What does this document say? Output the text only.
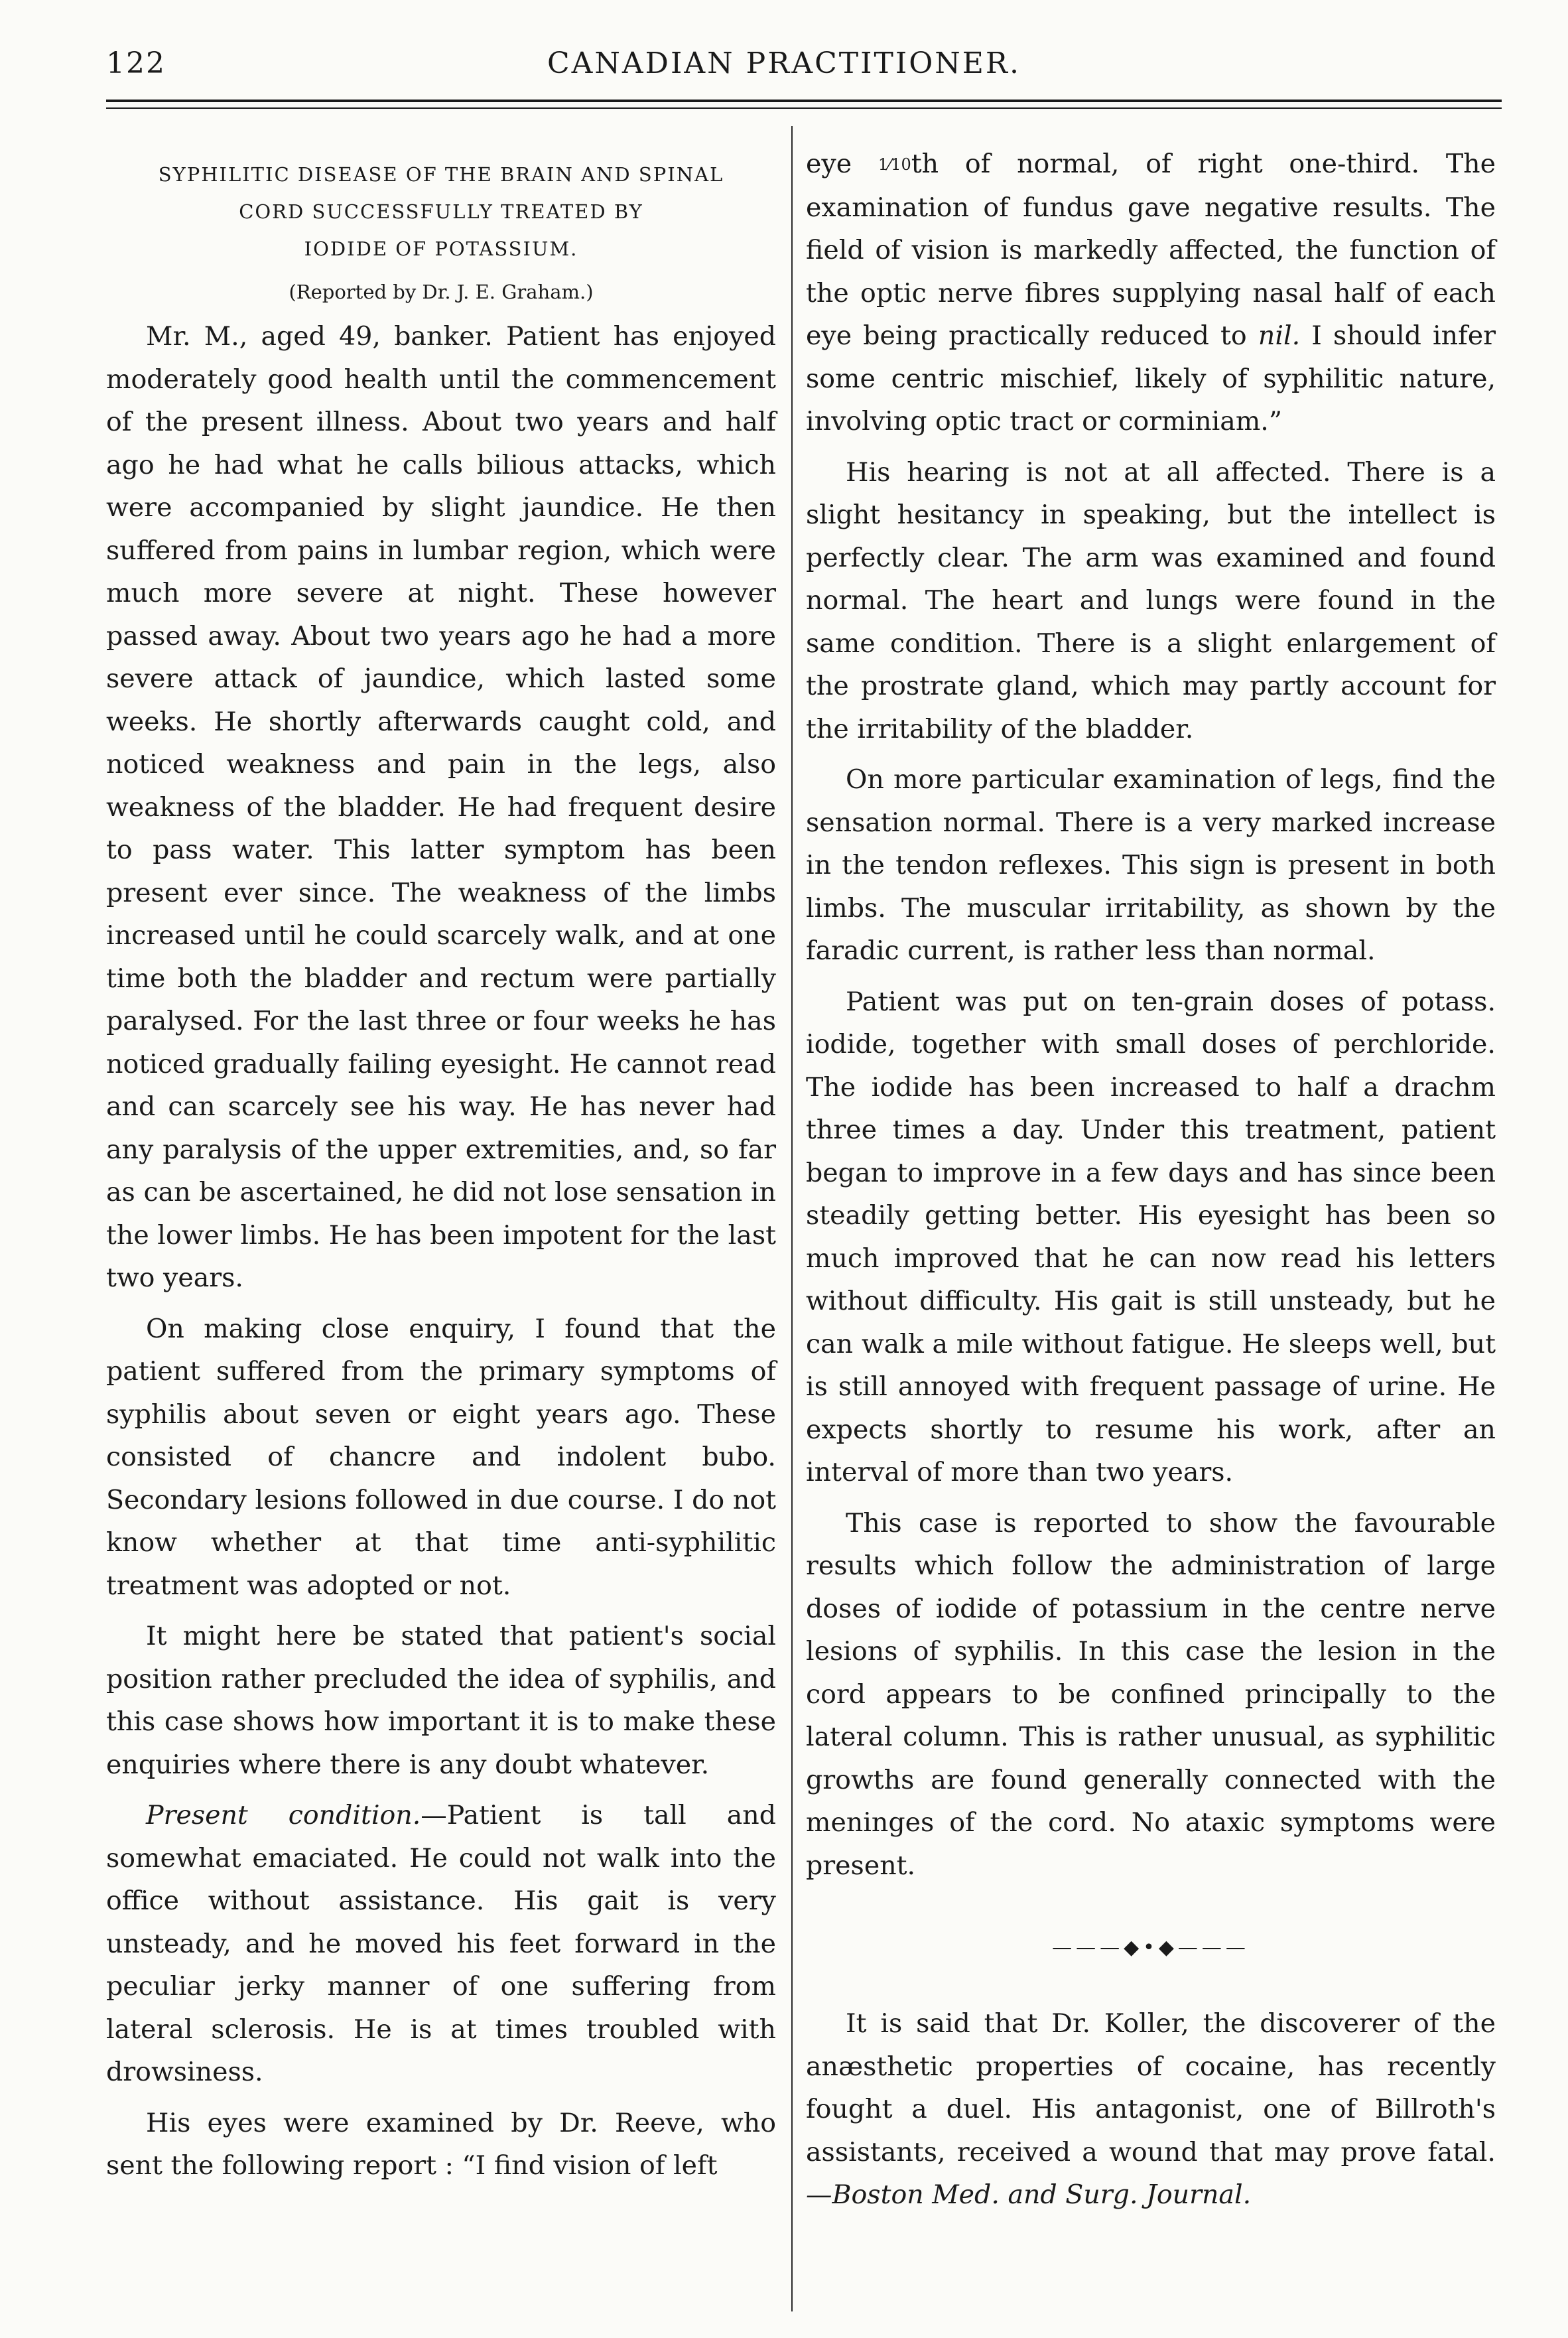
122	CANADIAN PRACTITIONER.
SYPHILITIC DISEASE OF THE BRAIN AND SPINAL
CORD SUCCESSFULLY TREATED BY
IODIDE OF POTASSIUM.
(Reported by Dr. J. E. Graham.)

Mr. M., aged 49, banker. Patient has enjoyed moderately good health until the commencement of the present illness. About two years and half ago he had what he calls bilious attacks, which were accompanied by slight jaundice. He then suffered from pains in lumbar region, which were much more severe at night. These however passed away. About two years ago he had a more severe attack of jaundice, which lasted some weeks. He shortly afterwards caught cold, and noticed weakness and pain in the legs, also weakness of the bladder. He had frequent desire to pass water. This latter symptom has been present ever since. The weakness of the limbs increased until he could scarcely walk, and at one time both the bladder and rectum were partially paralysed. For the last three or four weeks he has noticed gradually failing eyesight. He cannot read and can scarcely see his way. He has never had any paralysis of the upper extremities, and, so far as can be ascertained, he did not lose sensation in the lower limbs. He has been impotent for the last two years.

On making close enquiry, I found that the patient suffered from the primary symptoms of syphilis about seven or eight years ago. These consisted of chancre and indolent bubo. Secondary lesions followed in due course. I do not know whether at that time anti-syphilitic treatment was adopted or not.

It might here be stated that patient's social position rather precluded the idea of syphilis, and this case shows how important it is to make these enquiries where there is any doubt whatever.

Present condition.—Patient is tall and somewhat emaciated. He could not walk into the office without assistance. His gait is very unsteady, and he moved his feet forward in the peculiar jerky manner of one suffering from lateral sclerosis. He is at times troubled with drowsiness.

His eyes were examined by Dr. Reeve, who sent the following report : “I find vision of left

eye 1⁄10th of normal, of right one-third. The examination of fundus gave negative results. The field of vision is markedly affected, the function of the optic nerve fibres supplying nasal half of each eye being practically reduced to nil. I should infer some centric mischief, likely of syphilitic nature, involving optic tract or corminiam.”

His hearing is not at all affected. There is a slight hesitancy in speaking, but the intellect is perfectly clear. The arm was examined and found normal. The heart and lungs were found in the same condition. There is a slight enlargement of the prostrate gland, which may partly account for the irritability of the bladder.

On more particular examination of legs, find the sensation normal. There is a very marked increase in the tendon reflexes. This sign is present in both limbs. The muscular irritability, as shown by the faradic current, is rather less than normal.

Patient was put on ten-grain doses of potass. iodide, together with small doses of perchloride. The iodide has been increased to half a drachm three times a day. Under this treatment, patient began to improve in a few days and has since been steadily getting better. His eyesight has been so much improved that he can now read his letters without difficulty. His gait is still unsteady, but he can walk a mile without fatigue. He sleeps well, but is still annoyed with frequent passage of urine. He expects shortly to resume his work, after an interval of more than two years.

This case is reported to show the favourable results which follow the administration of large doses of iodide of potassium in the centre nerve lesions of syphilis. In this case the lesion in the cord appears to be confined principally to the lateral column. This is rather unusual, as syphilitic growths are found generally connected with the meninges of the cord. No ataxic symptoms were present.

———◆•◆———

It is said that Dr. Koller, the discoverer of the anæsthetic properties of cocaine, has recently fought a duel. His antagonist, one of Billroth's assistants, received a wound that may prove fatal.—Boston Med. and Surg. Journal.
